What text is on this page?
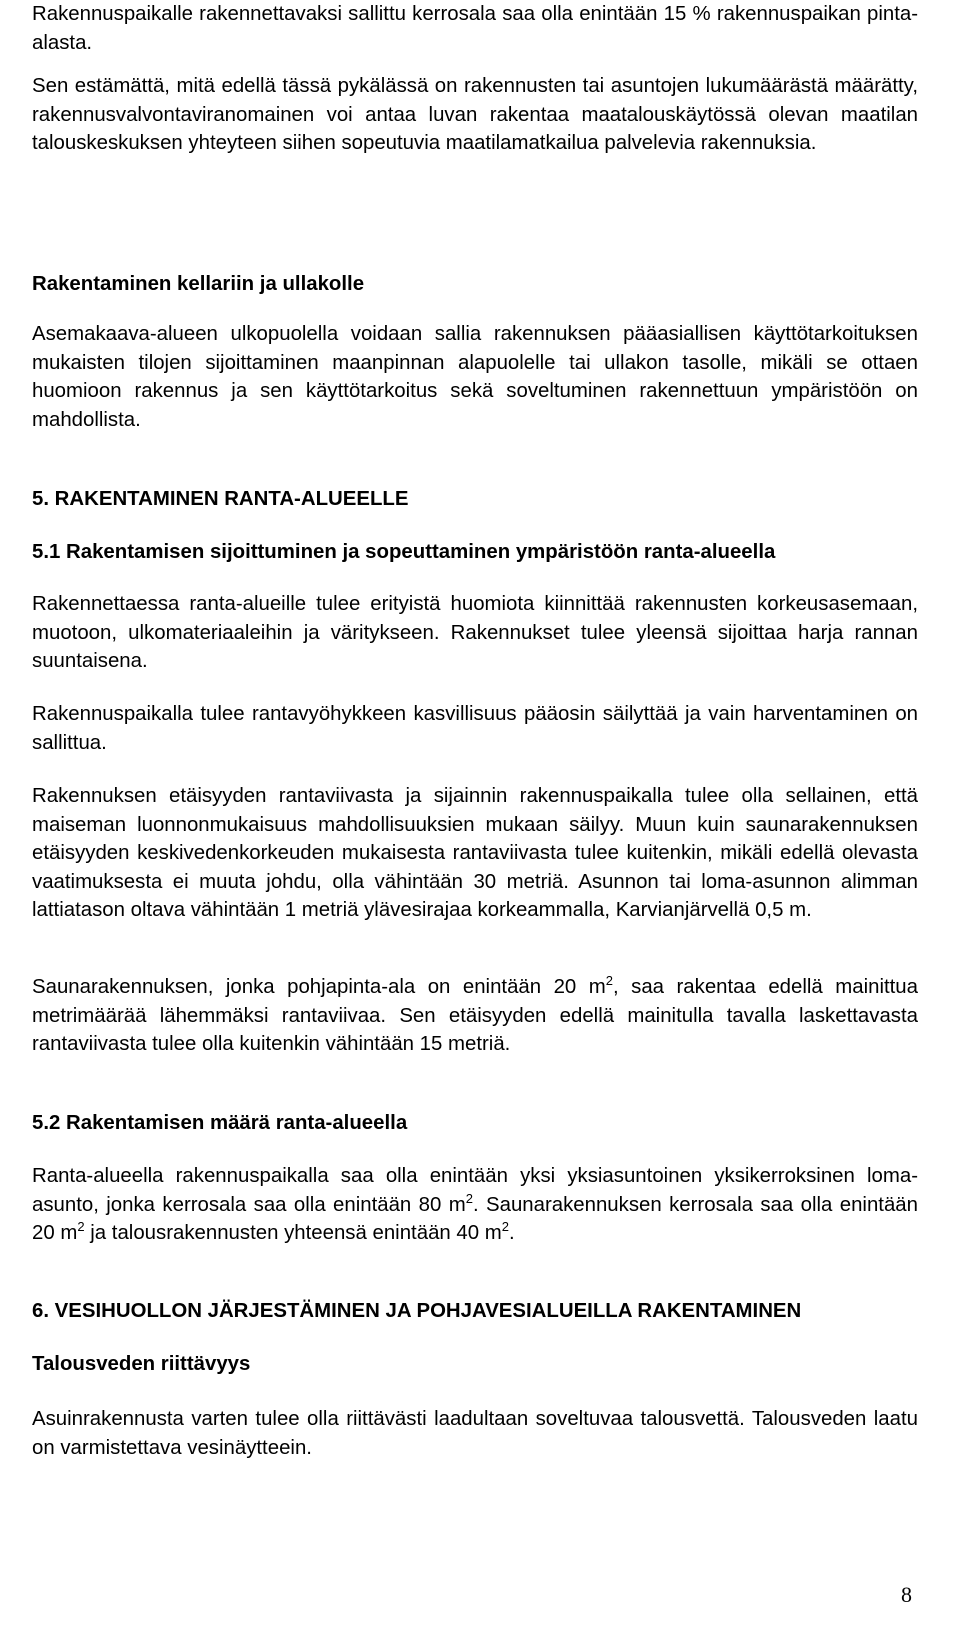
Rakennuspaikalle rakennettavaksi sallittu kerrosala saa olla enintään 15 % rakennuspaikan pinta-alasta.

Sen estämättä, mitä edellä tässä pykälässä on rakennusten tai asuntojen lukumäärästä määrätty, rakennusvalvontaviranomainen voi antaa luvan rakentaa maatalouskäytössä olevan maatilan talouskeskuksen yhteyteen siihen sopeutuvia maatilamatkailua palvelevia rakennuksia.

Rakentaminen kellariin ja ullakolle

Asemakaava-alueen ulkopuolella voidaan sallia rakennuksen pääasiallisen käyttötarkoituksen mukaisten tilojen sijoittaminen maanpinnan alapuolelle tai ullakon tasolle, mikäli se ottaen huomioon rakennus ja sen käyttötarkoitus sekä soveltuminen rakennettuun ympäristöön on mahdollista.

5. RAKENTAMINEN RANTA-ALUEELLE
5.1 Rakentamisen sijoittuminen ja sopeuttaminen ympäristöön ranta-alueella

Rakennettaessa ranta-alueille tulee erityistä huomiota kiinnittää rakennusten korkeusasemaan, muotoon, ulkomateriaaleihin ja väritykseen. Rakennukset tulee yleensä sijoittaa harja rannan suuntaisena.

Rakennuspaikalla tulee rantavyöhykkeen kasvillisuus pääosin säilyttää ja vain harventaminen on sallittua.

Rakennuksen etäisyyden rantaviivasta ja sijainnin rakennuspaikalla tulee olla sellainen, että maiseman luonnonmukaisuus mahdollisuuksien mukaan säilyy. Muun kuin saunarakennuksen etäisyyden keskivedenkorkeuden mukaisesta rantaviivasta tulee kuitenkin, mikäli edellä olevasta vaatimuksesta ei muuta johdu, olla vähintään 30 metriä. Asunnon tai loma-asunnon alimman lattiatason oltava vähintään 1 metriä ylävesirajaa korkeammalla, Karvianjärvellä 0,5 m.

Saunarakennuksen, jonka pohjapinta-ala on enintään 20 $m^2$, saa rakentaa edellä mainittua metrimäärää lähemmäksi rantaviivaa. Sen etäisyyden edellä mainitulla tavalla laskettavasta rantaviivasta tulee olla kuitenkin vähintään 15 metriä.

5.2 Rakentamisen määrä ranta-alueella

Ranta-alueella rakennuspaikalla saa olla enintään yksi yksiasuntoinen yksikerroksinen loma-asunto, jonka kerrosala saa olla enintään 80 $m^2$. Saunarakennuksen kerrosala saa olla enintään 20 $m^2$ ja talousrakennusten yhteensä enintään 40 $m^2$.

6. VESIHUOLLON JÄRJESTÄMINEN JA POHJAVESIALUEILLA RAKENTAMINEN
Talousveden riittävyys

Asuinrakennusta varten tulee olla riittävästi laadultaan soveltuvaa talousvettä. Talousveden laatu on varmistettava vesinäytteein.

8
